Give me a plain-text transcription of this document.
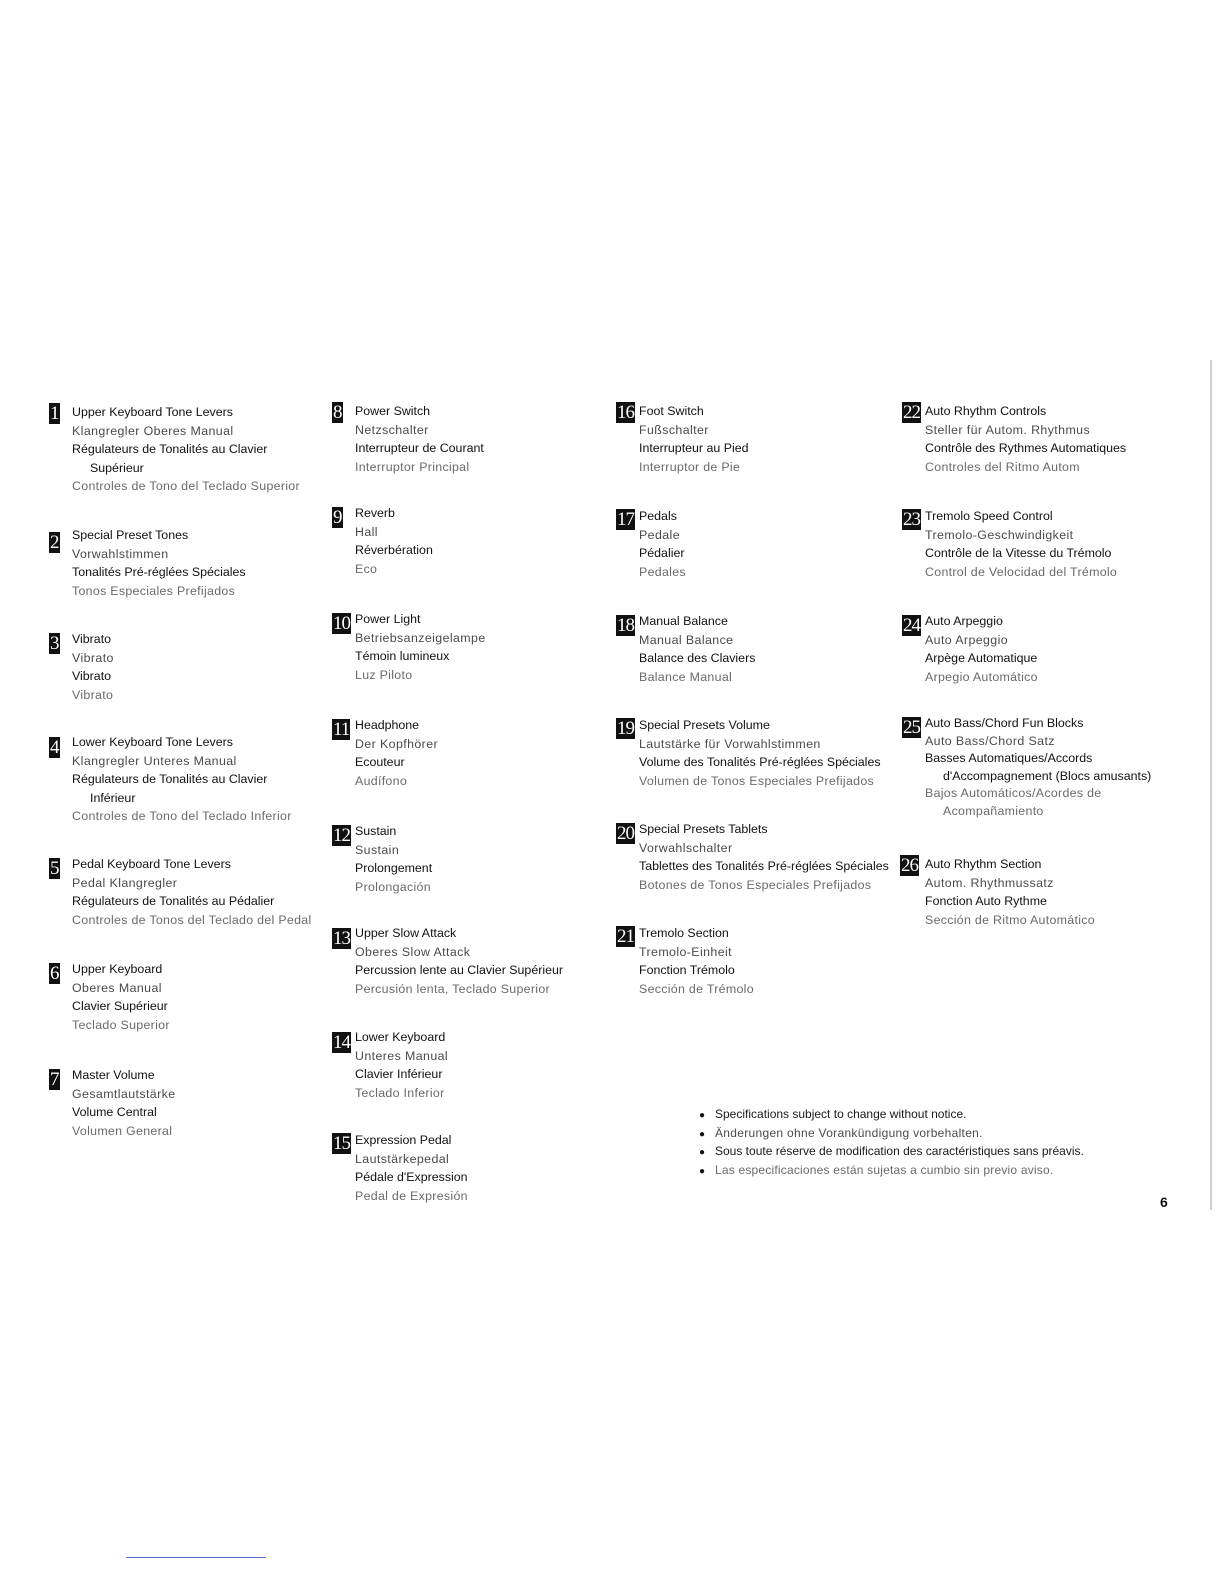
1 Upper Keyboard Tone Levers
Klangregler Oberes Manual
Régulateurs de Tonalités au Clavier
Supérieur
Controles de Tono del Teclado Superior
2 Special Preset Tones
Vorwahlstimmen
Tonalités Pré-réglées Spéciales
Tonos Especiales Prefijados
3 Vibrato
Vibrato
Vibrato
Vibrato
4 Lower Keyboard Tone Levers
Klangregler Unteres Manual
Régulateurs de Tonalités au Clavier
Inférieur
Controles de Tono del Teclado Inferior
5 Pedal Keyboard Tone Levers
Pedal Klangregler
Régulateurs de Tonalités au Pédalier
Controles de Tonos del Teclado del Pedal
6 Upper Keyboard
Oberes Manual
Clavier Supérieur
Teclado Superior
7 Master Volume
Gesamtlautstärke
Volume Central
Volumen General
8 Power Switch
Netzschalter
Interrupteur de Courant
Interruptor Principal
9 Reverb
Hall
Réverbération
Eco
10 Power Light
Betriebsanzeigelampe
Témoin lumineux
Luz Piloto
11 Headphone
Der Kopfhörer
Ecouteur
Audífono
12 Sustain
Sustain
Prolongement
Prolongación
13 Upper Slow Attack
Oberes Slow Attack
Percussion lente au Clavier Supérieur
Percusión lenta, Teclado Superior
14 Lower Keyboard
Unteres Manual
Clavier Inférieur
Teclado Inferior
15 Expression Pedal
Lautstärkepedal
Pédale d'Expression
Pedal de Expresión
16 Foot Switch
Fußschalter
Interrupteur au Pied
Interruptor de Pie
17 Pedals
Pedale
Pédalier
Pedales
18 Manual Balance
Manual Balance
Balance des Claviers
Balance Manual
19 Special Presets Volume
Lautstärke für Vorwahlstimmen
Volume des Tonalités Pré-réglées Spéciales
Volumen de Tonos Especiales Prefijados
20 Special Presets Tablets
Vorwahlschalter
Tablettes des Tonalités Pré-réglées Spéciales
Botones de Tonos Especiales Prefijados
21 Tremolo Section
Tremolo-Einheit
Fonction Trémolo
Sección de Trémolo
22 Auto Rhythm Controls
Steller für Autom. Rhythmus
Contrôle des Rythmes Automatiques
Controles del Ritmo Autom
23 Tremolo Speed Control
Tremolo-Geschwindigkeit
Contrôle de la Vitesse du Trémolo
Control de Velocidad del Trémolo
24 Auto Arpeggio
Auto Arpeggio
Arpège Automatique
Arpegio Automático
25 Auto Bass/Chord Fun Blocks
Auto Bass/Chord Satz
Basses Automatiques/Accords
d'Accompagnement (Blocs amusants)
Bajos Automáticos/Acordes de
Acompañamiento
26 Auto Rhythm Section
Autom. Rhythmussatz
Fonction Auto Rythme
Sección de Ritmo Automático
● Specifications subject to change without notice.
● Änderungen ohne Vorankündigung vorbehalten.
● Sous toute réserve de modification des caractéristiques sans préavis.
● Las especificaciones están sujetas a cumbio sin previo aviso.
6
